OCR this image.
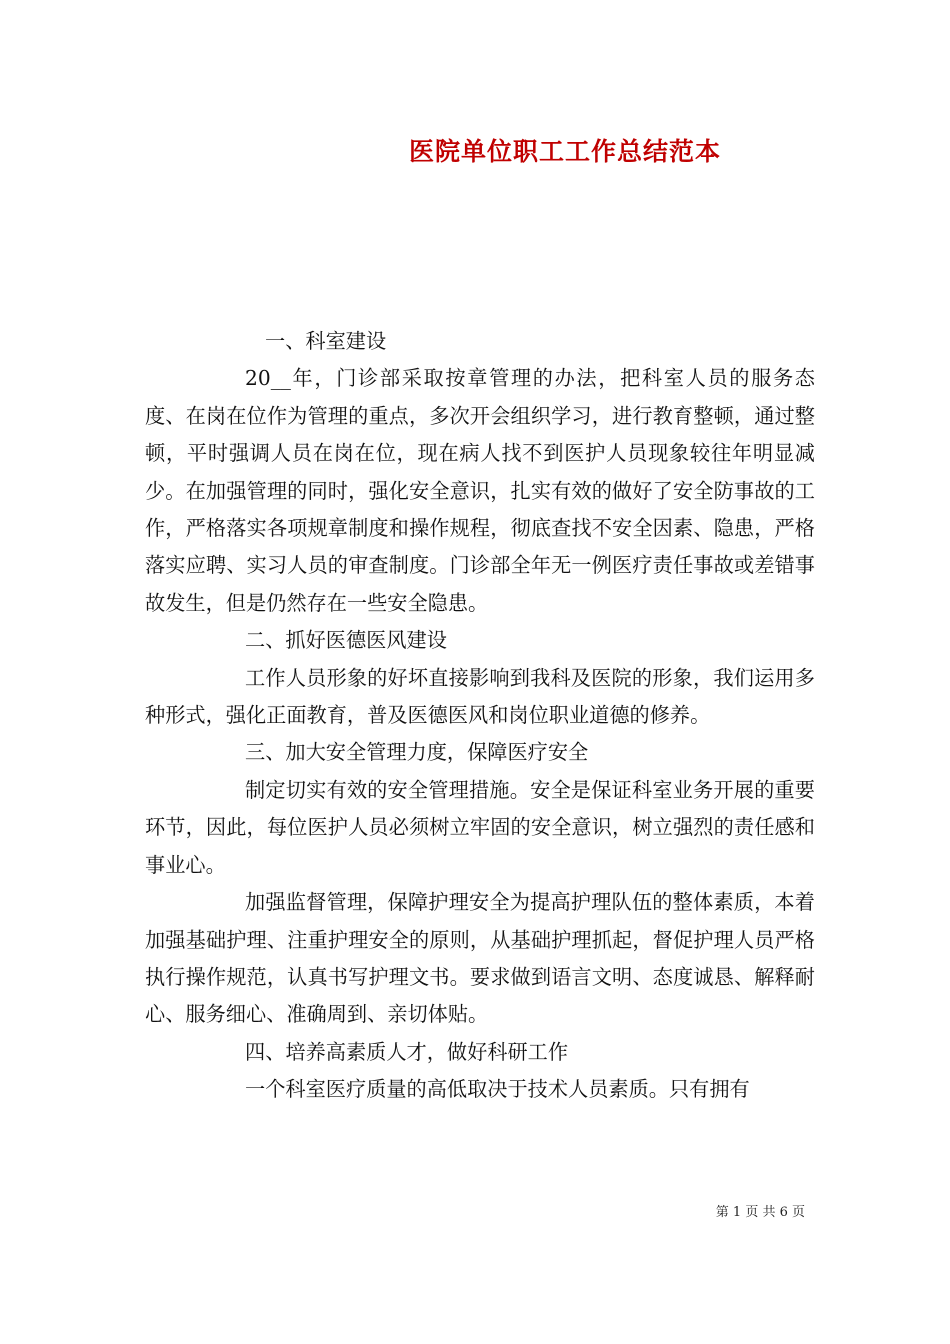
医院单位职工工作总结范本

一、科室建设

20__年，门诊部采取按章管理的办法，把科室人员的服务态度、在岗在位作为管理的重点，多次开会组织学习，进行教育整顿，通过整顿，平时强调人员在岗在位，现在病人找不到医护人员现象较往年明显减少。在加强管理的同时，强化安全意识，扎实有效的做好了安全防事故的工作，严格落实各项规章制度和操作规程，彻底查找不安全因素、隐患，严格落实应聘、实习人员的审查制度。门诊部全年无一例医疗责任事故或差错事故发生，但是仍然存在一些安全隐患。

二、抓好医德医风建设

工作人员形象的好坏直接影响到我科及医院的形象，我们运用多种形式，强化正面教育，普及医德医风和岗位职业道德的修养。

三、加大安全管理力度，保障医疗安全

制定切实有效的安全管理措施。安全是保证科室业务开展的重要环节，因此，每位医护人员必须树立牢固的安全意识，树立强烈的责任感和事业心。

加强监督管理，保障护理安全为提高护理队伍的整体素质，本着加强基础护理、注重护理安全的原则，从基础护理抓起，督促护理人员严格执行操作规范，认真书写护理文书。要求做到语言文明、态度诚恳、解释耐心、服务细心、准确周到、亲切体贴。

四、培养高素质人才，做好科研工作

一个科室医疗质量的高低取决于技术人员素质。只有拥有

第 1 页 共 6 页
